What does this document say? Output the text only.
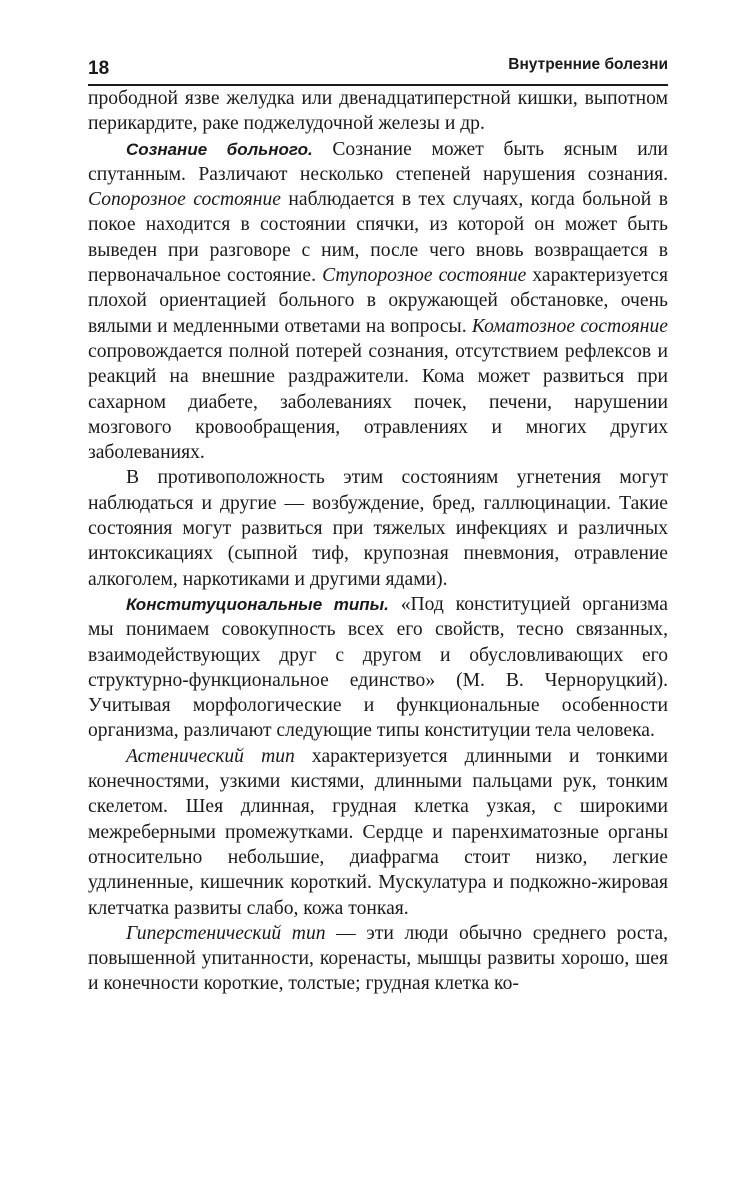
18	Внутренние болезни

прободной язве желудка или двенадцатиперстной кишки, выпотном перикардите, раке поджелудочной железы и др.

Сознание больного. Сознание может быть ясным или спутанным. Различают несколько степеней нарушения сознания. Сопорозное состояние наблюдается в тех случаях, когда больной в покое находится в состоянии спячки, из которой он может быть выведен при разговоре с ним, после чего вновь возвращается в первоначальное состояние. Ступорозное состояние характеризуется плохой ориентацией больного в окружающей обстановке, очень вялыми и медленными ответами на вопросы. Коматозное состояние сопровождается полной потерей сознания, отсутствием рефлексов и реакций на внешние раздражители. Кома может развиться при сахарном диабете, заболеваниях почек, печени, нарушении мозгового кровообращения, отравлениях и многих других заболеваниях.

В противоположность этим состояниям угнетения могут наблюдаться и другие — возбуждение, бред, галлюцинации. Такие состояния могут развиться при тяжелых инфекциях и различных интоксикациях (сыпной тиф, крупозная пневмония, отравление алкоголем, наркотиками и другими ядами).

Конституциональные типы. «Под конституцией организма мы понимаем совокупность всех его свойств, тесно связанных, взаимодействующих друг с другом и обусловливающих его структурно-функциональное единство» (М. В. Черноруцкий). Учитывая морфологические и функциональные особенности организма, различают следующие типы конституции тела человека.

Астенический тип характеризуется длинными и тонкими конечностями, узкими кистями, длинными пальцами рук, тонким скелетом. Шея длинная, грудная клетка узкая, с широкими межреберными промежутками. Сердце и паренхиматозные органы относительно небольшие, диафрагма стоит низко, легкие удлиненные, кишечник короткий. Мускулатура и подкожно-жировая клетчатка развиты слабо, кожа тонкая.

Гиперстенический тип — эти люди обычно среднего роста, повышенной упитанности, коренасты, мышцы развиты хорошо, шея и конечности короткие, толстые; грудная клетка ко-
